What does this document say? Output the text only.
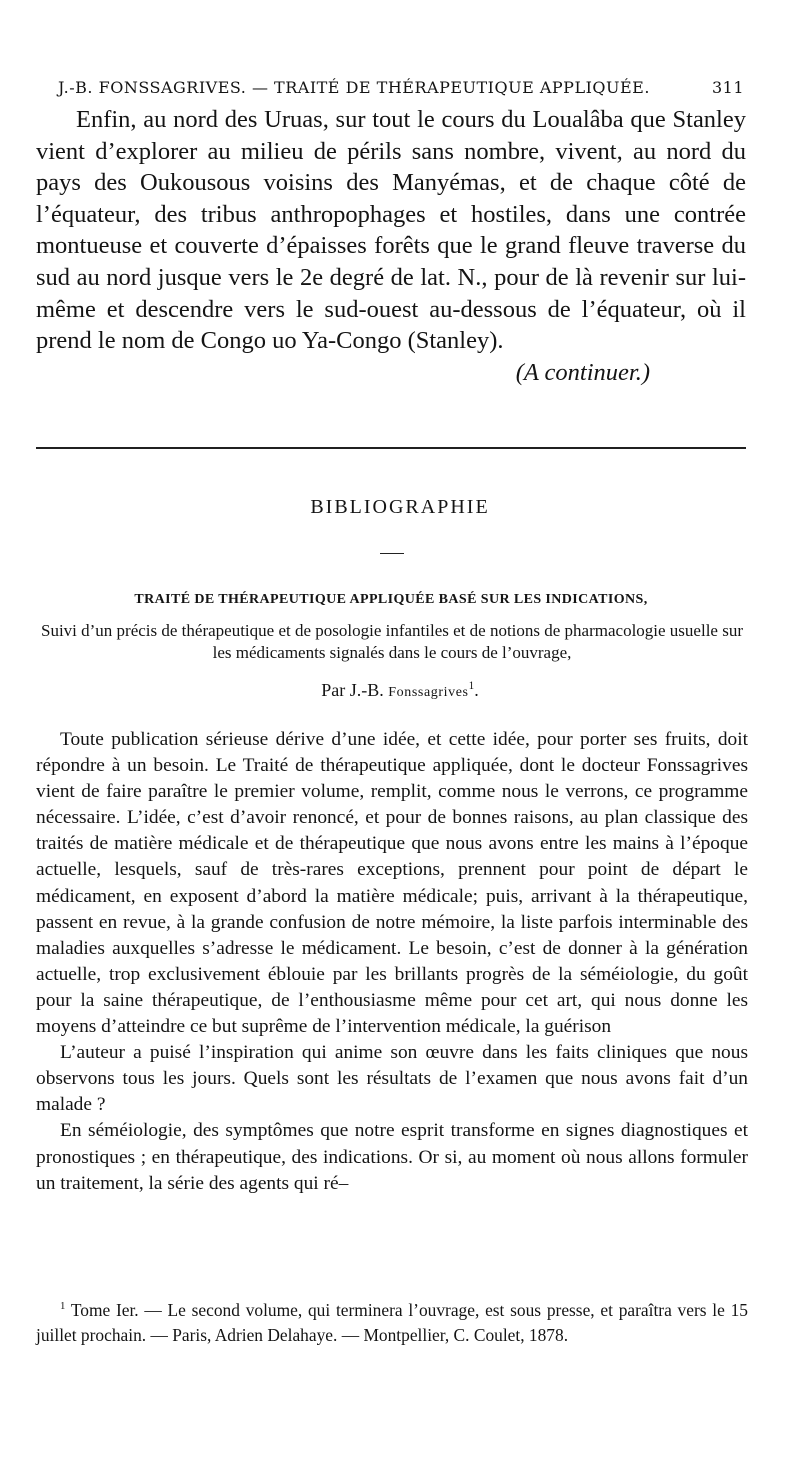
J.-B. FONSSAGRIVES. — TRAITÉ DE THÉRAPEUTIQUE APPLIQUÉE.	311

Enfin, au nord des Uruas, sur tout le cours du Loualâba que Stanley vient d’explorer au milieu de périls sans nombre, vivent, au nord du pays des Oukousous voisins des Manyémas, et de chaque côté de l’équateur, des tribus anthropophages et hostiles, dans une contrée montueuse et couverte d’épaisses forêts que le grand fleuve traverse du sud au nord jusque vers le 2e degré de lat. N., pour de là revenir sur lui-même et descendre vers le sud-ouest au-dessous de l’équateur, où il prend le nom de Congo uo Ya-Congo (Stanley).

(A continuer.)

BIBLIOGRAPHIE
TRAITÉ DE THÉRAPEUTIQUE APPLIQUÉE BASÉ SUR LES INDICATIONS,
Suivi d’un précis de thérapeutique et de posologie infantiles et de notions de pharmacologie usuelle sur les médicaments signalés dans le cours de l’ouvrage,
Par J.-B. Fonssagrives$^1$.

Toute publication sérieuse dérive d’une idée, et cette idée, pour porter ses fruits, doit répondre à un besoin. Le Traité de thérapeutique appliquée, dont le docteur Fonssagrives vient de faire paraître le premier volume, remplit, comme nous le verrons, ce programme nécessaire. L’idée, c’est d’avoir renoncé, et pour de bonnes raisons, au plan classique des traités de matière médicale et de thérapeutique que nous avons entre les mains à l’époque actuelle, lesquels, sauf de très-rares exceptions, prennent pour point de départ le médicament, en exposent d’abord la matière médicale; puis, arrivant à la thérapeutique, passent en revue, à la grande confusion de notre mémoire, la liste parfois interminable des maladies auxquelles s’adresse le médicament. Le besoin, c’est de donner à la génération actuelle, trop exclusivement éblouie par les brillants progrès de la séméiologie, du goût pour la saine thérapeutique, de l’enthousiasme même pour cet art, qui nous donne les moyens d’atteindre ce but suprême de l’intervention médicale, la guérison

L’auteur a puisé l’inspiration qui anime son œuvre dans les faits cliniques que nous observons tous les jours. Quels sont les résultats de l’examen que nous avons fait d’un malade ?

En séméiologie, des symptômes que notre esprit transforme en signes diagnostiques et pronostiques ; en thérapeutique, des indications. Or si, au moment où nous allons formuler un traitement, la série des agents qui ré–

$^1$ Tome Ier. — Le second volume, qui terminera l’ouvrage, est sous presse, et paraîtra vers le 15 juillet prochain. — Paris, Adrien Delahaye. — Montpellier, C. Coulet, 1878.
